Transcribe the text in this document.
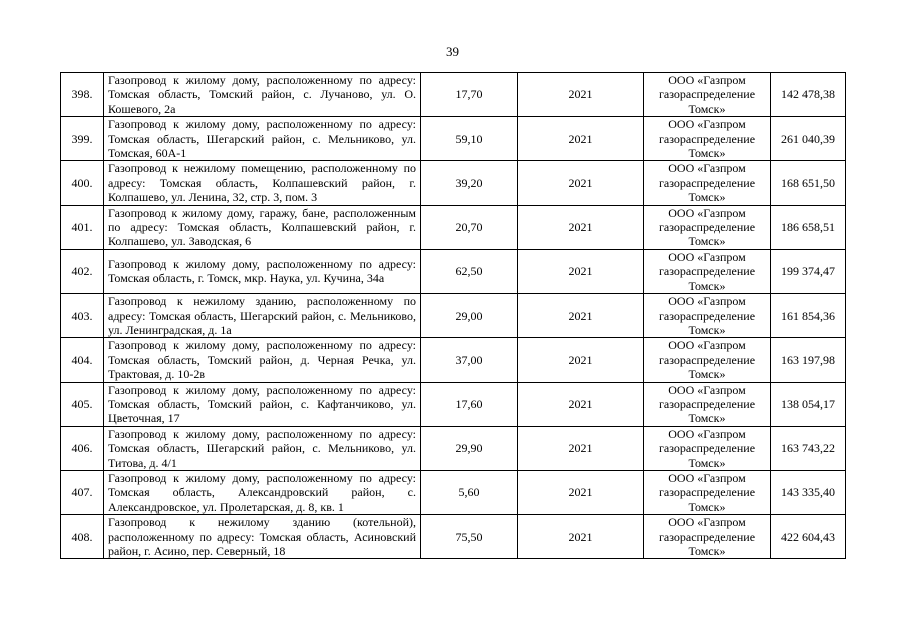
39
398.	Газопровод к жилому дому, расположенному по адресу: Томская область, Томский район, с. Лучаново, ул. О. Кошевого, 2а	17,70	2021	ООО «Газпром газораспределение Томск»	142 478,38
399.	Газопровод к жилому дому, расположенному по адресу: Томская область, Шегарский район, с. Мельниково, ул. Томская, 60А-1	59,10	2021	ООО «Газпром газораспределение Томск»	261 040,39
400.	Газопровод к нежилому помещению, расположенному по адресу: Томская область, Колпашевский район, г. Колпашево, ул. Ленина, 32, стр. 3, пом. 3	39,20	2021	ООО «Газпром газораспределение Томск»	168 651,50
401.	Газопровод к жилому дому, гаражу, бане, расположенным по адресу: Томская область, Колпашевский район, г. Колпашево, ул. Заводская, 6	20,70	2021	ООО «Газпром газораспределение Томск»	186 658,51
402.	Газопровод к жилому дому, расположенному по адресу: Томская область, г. Томск, мкр. Наука, ул. Кучина, 34а	62,50	2021	ООО «Газпром газораспределение Томск»	199 374,47
403.	Газопровод к нежилому зданию, расположенному по адресу: Томская область, Шегарский район, с. Мельниково, ул. Ленинградская, д. 1а	29,00	2021	ООО «Газпром газораспределение Томск»	161 854,36
404.	Газопровод к жилому дому, расположенному по адресу: Томская область, Томский район, д. Черная Речка, ул. Трактовая, д. 10-2в	37,00	2021	ООО «Газпром газораспределение Томск»	163 197,98
405.	Газопровод к жилому дому, расположенному по адресу: Томская область, Томский район, с. Кафтанчиково, ул. Цветочная, 17	17,60	2021	ООО «Газпром газораспределение Томск»	138 054,17
406.	Газопровод к жилому дому, расположенному по адресу: Томская область, Шегарский район, с. Мельниково, ул. Титова, д. 4/1	29,90	2021	ООО «Газпром газораспределение Томск»	163 743,22
407.	Газопровод к жилому дому, расположенному по адресу: Томская область, Александровский район, с. Александровское, ул. Пролетарская, д. 8, кв. 1	5,60	2021	ООО «Газпром газораспределение Томск»	143 335,40
408.	Газопровод к нежилому зданию (котельной), расположенному по адресу: Томская область, Асиновский район, г. Асино, пер. Северный, 18	75,50	2021	ООО «Газпром газораспределение Томск»	422 604,43
